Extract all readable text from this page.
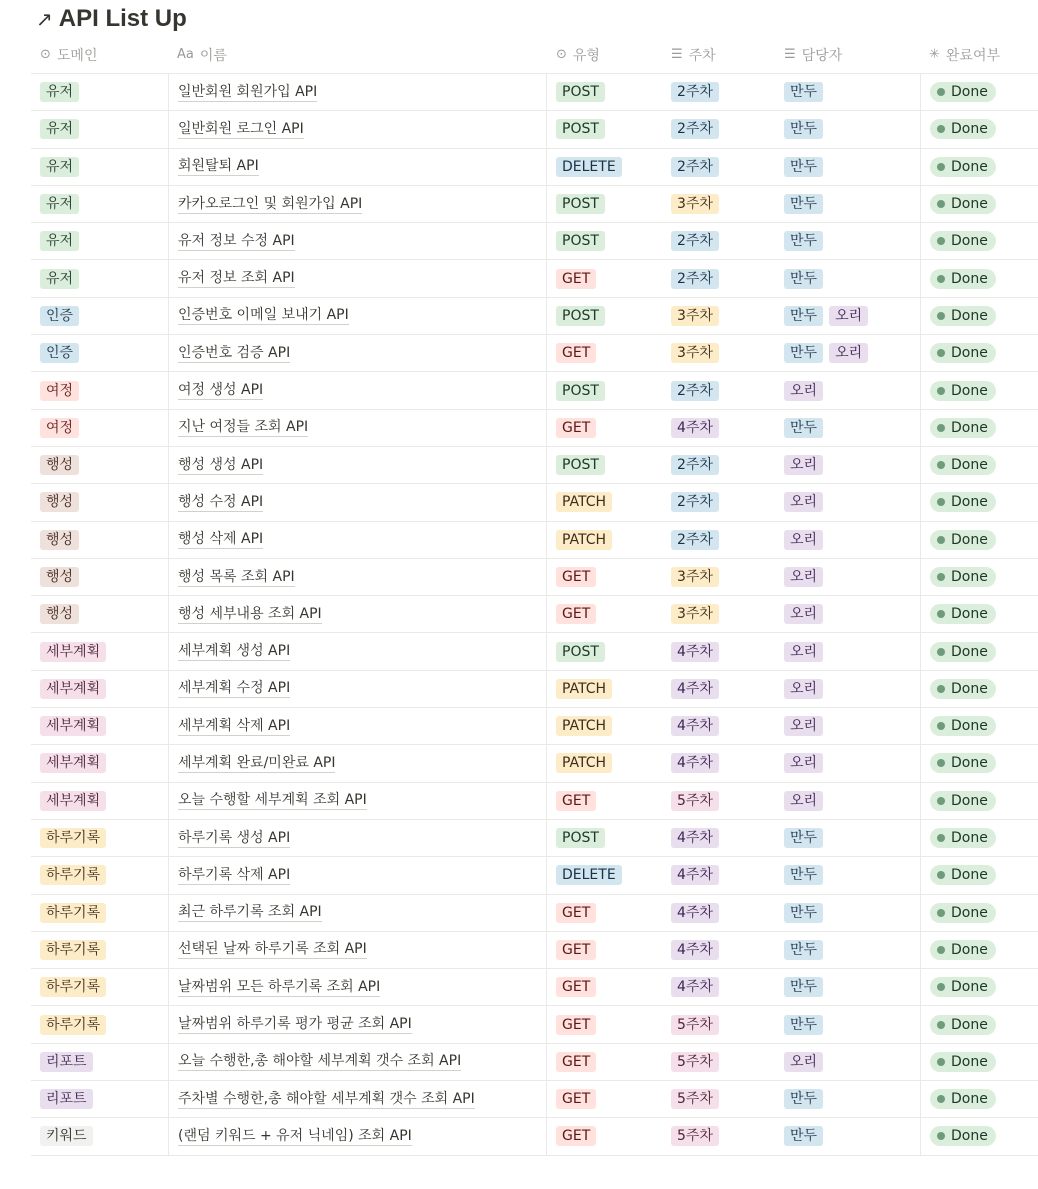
↗ API List Up
⊙ 도메인	Aa 이름	⊙ 유형	☰ 주차	☰ 담당자	✳ 완료여부
유저	일반회원 회원가입 API	POST	2주차	만두	Done
유저	일반회원 로그인 API	POST	2주차	만두	Done
유저	회원탈퇴 API	DELETE	2주차	만두	Done
유저	카카오로그인 및 회원가입 API	POST	3주차	만두	Done
유저	유저 정보 수정 API	POST	2주차	만두	Done
유저	유저 정보 조회 API	GET	2주차	만두	Done
인증	인증번호 이메일 보내기 API	POST	3주차	만두	오리	Done
인증	인증번호 검증 API	GET	3주차	만두	오리	Done
여정	여정 생성 API	POST	2주차	오리	Done
여정	지난 여정들 조회 API	GET	4주차	만두	Done
행성	행성 생성 API	POST	2주차	오리	Done
행성	행성 수정 API	PATCH	2주차	오리	Done
행성	행성 삭제 API	PATCH	2주차	오리	Done
행성	행성 목록 조회 API	GET	3주차	오리	Done
행성	행성 세부내용 조회 API	GET	3주차	오리	Done
세부계획	세부계획 생성 API	POST	4주차	오리	Done
세부계획	세부계획 수정 API	PATCH	4주차	오리	Done
세부계획	세부계획 삭제 API	PATCH	4주차	오리	Done
세부계획	세부계획 완료/미완료 API	PATCH	4주차	오리	Done
세부계획	오늘 수행할 세부계획 조회 API	GET	5주차	오리	Done
하루기록	하루기록 생성 API	POST	4주차	만두	Done
하루기록	하루기록 삭제 API	DELETE	4주차	만두	Done
하루기록	최근 하루기록 조회 API	GET	4주차	만두	Done
하루기록	선택된 날짜 하루기록 조회 API	GET	4주차	만두	Done
하루기록	날짜범위 모든 하루기록 조회 API	GET	4주차	만두	Done
하루기록	날짜범위 하루기록 평가 평균 조회 API	GET	5주차	만두	Done
리포트	오늘 수행한,총 해야할 세부계획 갯수 조회 API	GET	5주차	오리	Done
리포트	주차별 수행한,총 해야할 세부계획 갯수 조회 API	GET	5주차	만두	Done
키워드	(랜덤 키워드 + 유저 닉네임) 조회 API	GET	5주차	만두	Done
